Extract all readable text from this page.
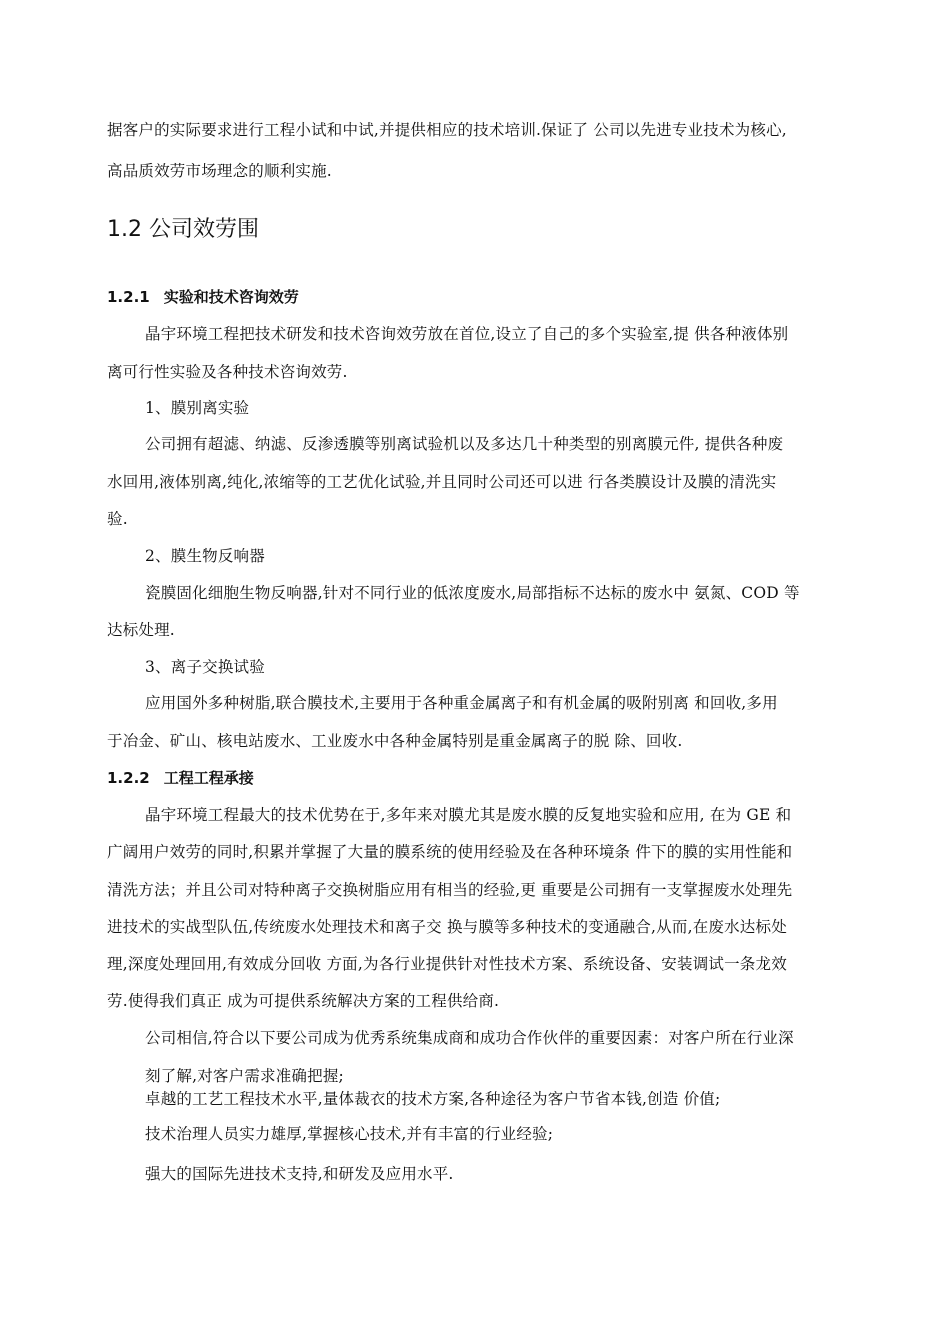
据客户的实际要求进行工程小试和中试,并提供相应的技术培训.保证了 公司以先进专业技术为核心,
高品质效劳市场理念的顺利实施.
1.2 公司效劳围
1.2.1 实验和技术咨询效劳
晶宇环境工程把技术研发和技术咨询效劳放在首位,设立了自己的多个实验室,提 供各种液体别
离可行性实验及各种技术咨询效劳.
1、膜别离实验
公司拥有超滤、纳滤、反渗透膜等别离试验机以及多达几十种类型的别离膜元件, 提供各种废
水回用,液体别离,纯化,浓缩等的工艺优化试验,并且同时公司还可以进 行各类膜设计及膜的清洗实
验.
2、膜生物反响器
瓷膜固化细胞生物反响器,针对不同行业的低浓度废水,局部指标不达标的废水中 氨氮、COD 等
达标处理.
3、离子交换试验
应用国外多种树脂,联合膜技术,主要用于各种重金属离子和有机金属的吸附别离 和回收,多用
于冶金、矿山、核电站废水、工业废水中各种金属特别是重金属离子的脱 除、回收.
1.2.2 工程工程承接
晶宇环境工程最大的技术优势在于,多年来对膜尤其是废水膜的反复地实验和应用, 在为 GE 和
广阔用户效劳的同时,积累并掌握了大量的膜系统的使用经验及在各种环境条 件下的膜的实用性能和
清洗方法；并且公司对特种离子交换树脂应用有相当的经验,更 重要是公司拥有一支掌握废水处理先
进技术的实战型队伍,传统废水处理技术和离子交 换与膜等多种技术的变通融合,从而,在废水达标处
理,深度处理回用,有效成分回收 方面,为各行业提供针对性技术方案、系统设备、安装调试一条龙效
劳.使得我们真正 成为可提供系统解决方案的工程供给商.
公司相信,符合以下要公司成为优秀系统集成商和成功合作伙伴的重要因素：对客户所在行业深
刻了解,对客户需求准确把握;
卓越的工艺工程技术水平,量体裁衣的技术方案,各种途径为客户节省本钱,创造 价值;
技术治理人员实力雄厚,掌握核心技术,并有丰富的行业经验;
强大的国际先进技术支持,和研发及应用水平.
